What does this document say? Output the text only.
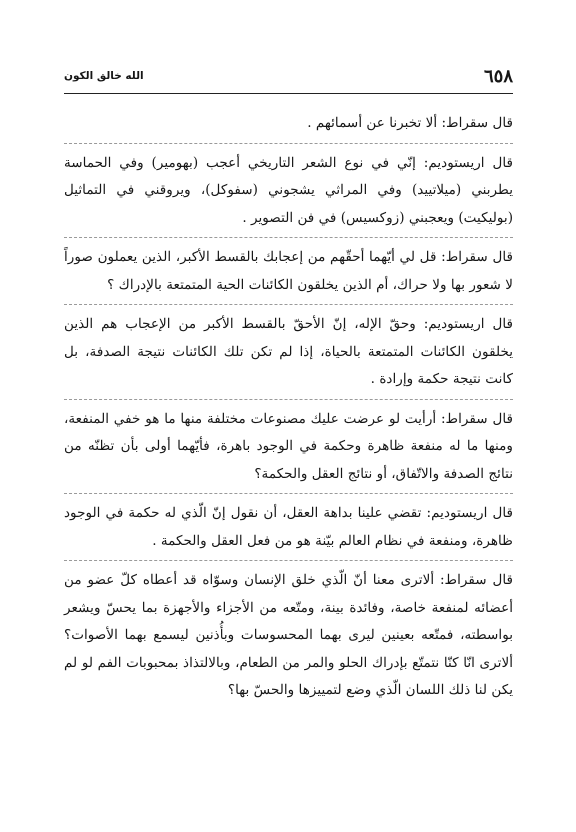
٦٥٨
الله خالق الكون

قال سقراط: ألا تخبرنا عن أسمائهم .

قال اريستوديم: إنّي في نوع الشعر التاريخي أعجب (بهومير) وفي الحماسة يطربني (ميلاتييد) وفي المراثي يشجوني (سفوكل)، ويروقني في التماثيل (بوليكيت) ويعجبني (زوكسيس) في فن التصوير .

قال سقراط: قل لي أيّهما أحقّهم من إعجابك بالقسط الأكبر، الذين يعملون صوراً لا شعور بها ولا حراك، أم الذين يخلقون الكائنات الحية المتمتعة بالإدراك ؟

قال اريستوديم: وحقّ الإله، إنّ الأحقّ بالقسط الأكبر من الإعجاب هم الذين يخلقون الكائنات المتمتعة بالحياة، إذا لم تكن تلك الكائنات نتيجة الصدفة، بل كانت نتيجة حكمة وإرادة .

قال سقراط: أرأيت لو عرضت عليك مصنوعات مختلفة منها ما هو خفي المنفعة، ومنها ما له منفعة ظاهرة وحكمة في الوجود باهرة، فأيّهما أولى بأن تظنّه من نتائج الصدفة والاتّفاق، أو نتائج العقل والحكمة؟

قال اريستوديم: تقضي علينا بداهة العقل، أن نقول إنّ الّذي له حكمة في الوجود ظاهرة، ومنفعة في نظام العالم بيّنة هو من فعل العقل والحكمة .

قال سقراط: ألاترى معنا أنّ الّذي خلق الإنسان وسوّاه قد أعطاه كلّ عضو من أعضائه لمنفعة خاصة، وفائدة بينة، ومتّعه من الأجزاء والأجهزة بما يحسّ ويشعر بواسطته، فمتّعه بعينين ليرى بهما المحسوسات وبأُذنين ليسمع بهما الأصوات؟ ألاترى انّا كنّا نتمتّع بإدراك الحلو والمر من الطعام، وبالالتذاذ بمحبوبات الفم لو لم يكن لنا ذلك اللسان الّذي وضع لتمييزها والحسّ بها؟
